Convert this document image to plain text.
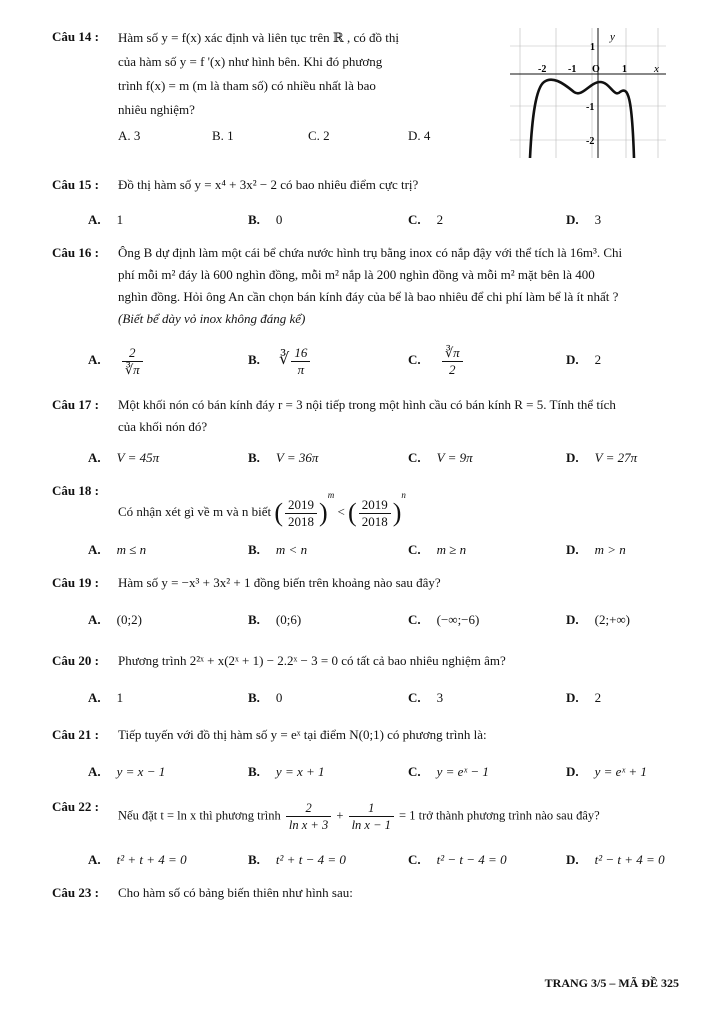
Câu 14 : Hàm số y = f(x) xác định và liên tục trên ℝ , có đồ thị
của hàm số y = f '(x) như hình bên. Khi đó phương
trình f(x) = m (m là tham số) có nhiều nhất là bao
nhiêu nghiệm?
A. 3	B. 1	C. 2	D. 4
y
x
O
-2 -1	1
1
-1
-2
Câu 15 : Đồ thị hàm số y = x⁴ + 3x² − 2 có bao nhiêu điểm cực trị?
A. 1	B. 0	C. 2	D. 3
Câu 16 : Ông B dự định làm một cái bể chứa nước hình trụ bằng inox có nắp đậy với thể tích là 16m³. Chi
phí mỗi m² đáy là 600 nghìn đồng, mỗi m² nắp là 200 nghìn đồng và mỗi m² mặt bên là 400
nghìn đồng. Hỏi ông An cần chọn bán kính đáy của bể là bao nhiêu để chi phí làm bể là ít nhất ?
(Biết bể dày vỏ inox không đáng kể)
A. $\frac{2}{∛\pi}$	B. ∛ $\frac{16}{\pi}$	C. $\frac{∛\pi}{2}$	D. 2
Câu 17 : Một khối nón có bán kính đáy r = 3 nội tiếp trong một hình cầu có bán kính R = 5. Tính thể tích
của khối nón đó?
A. V = 45π	B. V = 36π	C. V = 9π	D. V = 27π
Câu 18 :
Có nhận xét gì về m và n biết ( $\frac{2019}{2018} )^m$ < ( $\frac{2019}{2018} )^n$
A. m ≤ n	B. m < n	C. m ≥ n	D. m > n
Câu 19 : Hàm số y = −x³ + 3x² + 1 đồng biến trên khoảng nào sau đây?
A. (0;2)	B. (0;6)	C. (−∞;−6)	D. (2;+∞)
Câu 20 : Phương trình 2²ˣ + x(2ˣ + 1) − 2.2ˣ − 3 = 0 có tất cả bao nhiêu nghiệm âm?
A. 1	B. 0	C. 3	D. 2
Câu 21 : Tiếp tuyến với đồ thị hàm số y = eˣ tại điểm N(0;1) có phương trình là:
A. y = x − 1	B. y = x + 1	C. y = eˣ − 1	D. y = eˣ + 1
Câu 22 :
Nếu đặt t = ln x thì phương trình $\frac{2}{\text{ln x + 3}} + \frac{1}{\text{ln x − 1}} = 1$ trở thành phương trình nào sau đây?
A. t² + t + 4 = 0	B. t² + t − 4 = 0	C. t² − t − 4 = 0	D. t² − t + 4 = 0
Câu 23 : Cho hàm số có bảng biến thiên như hình sau:
TRANG 3/5 – MÃ ĐỀ 325
